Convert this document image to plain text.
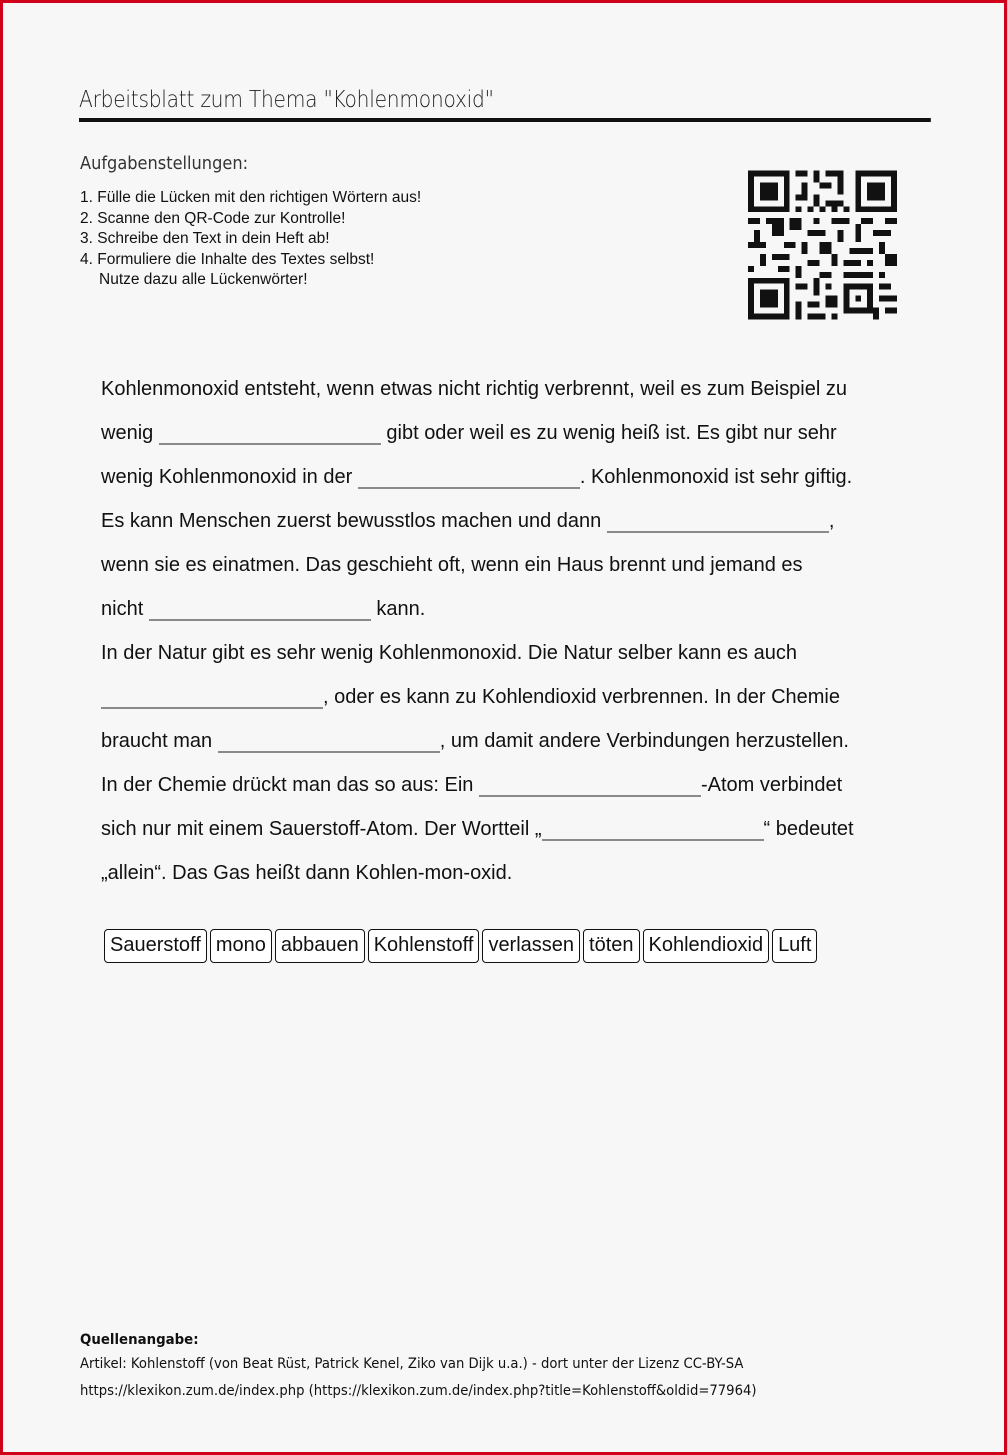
Arbeitsblatt zum Thema "Kohlenmonoxid"
Aufgabenstellungen:
1. Fülle die Lücken mit den richtigen Wörtern aus!
2. Scanne den QR-Code zur Kontrolle!
3. Schreibe den Text in dein Heft ab!
4. Formuliere die Inhalte des Textes selbst!
Nutze dazu alle Lückenwörter!
Kohlenmonoxid entsteht, wenn etwas nicht richtig verbrennt, weil es zum Beispiel zu
wenig	gibt oder weil es zu wenig heiß ist. Es gibt nur sehr
wenig Kohlenmonoxid in der	. Kohlenmonoxid ist sehr giftig.
Es kann Menschen zuerst bewusstlos machen und dann	,
wenn sie es einatmen. Das geschieht oft, wenn ein Haus brennt und jemand es
nicht	kann.
In der Natur gibt es sehr wenig Kohlenmonoxid. Die Natur selber kann es auch
, oder es kann zu Kohlendioxid verbrennen. In der Chemie
braucht man	, um damit andere Verbindungen herzustellen.
In der Chemie drückt man das so aus: Ein	-Atom verbindet
sich nur mit einem Sauerstoff-Atom. Der Wortteil „	“ bedeutet
„allein“. Das Gas heißt dann Kohlen-mon-oxid.
Sauerstoff mono abbauen Kohlenstoff verlassen töten Kohlendioxid Luft
Quellenangabe:
Artikel: Kohlenstoff (von Beat Rüst, Patrick Kenel, Ziko van Dijk u.a.) - dort unter der Lizenz CC-BY-SA
https://klexikon.zum.de/index.php (https://klexikon.zum.de/index.php?title=Kohlenstoff&oldid=77964)
